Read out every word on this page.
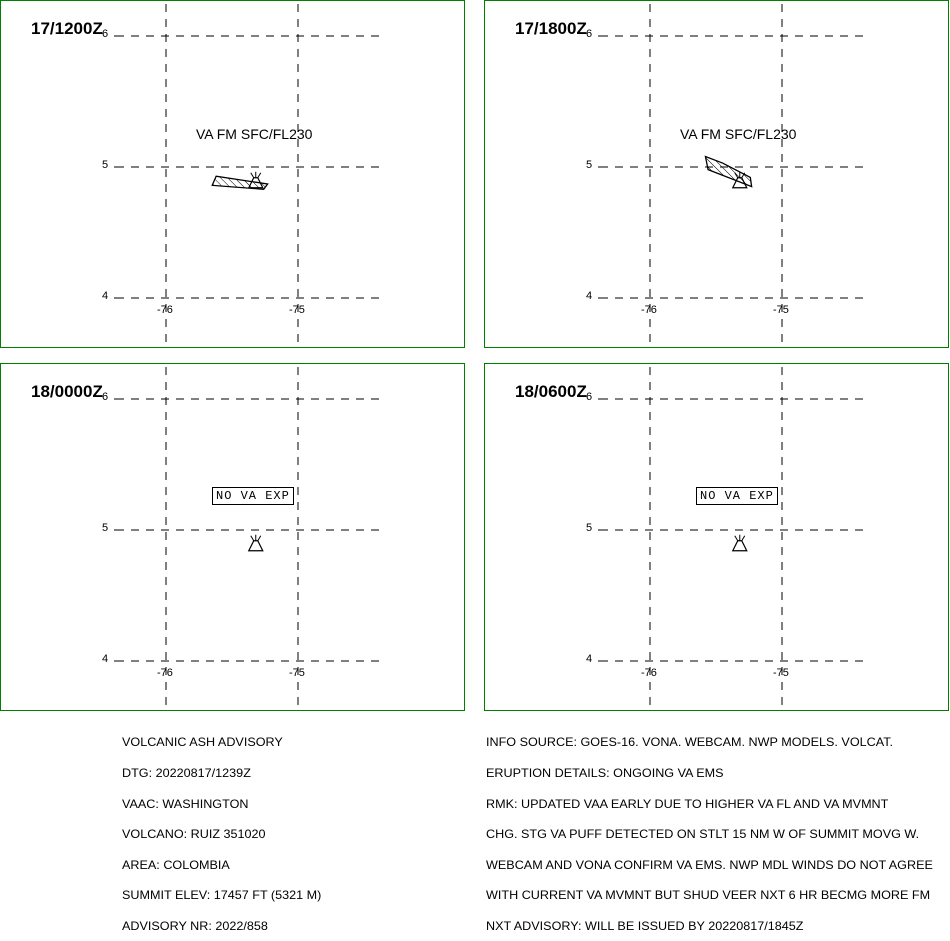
6
5
4
-76	-75
17/1200Z
VA FM SFC/FL230
6
5
4
-76	-75
17/1800Z
VA FM SFC/FL230
6
5
4
-76	-75
18/0000Z
NO VA EXP
6
5
4
-76	-75
18/0600Z
NO VA EXP

VOLCANIC ASH ADVISORY

DTG: 20220817/1239Z

VAAC: WASHINGTON

VOLCANO: RUIZ 351020

AREA: COLOMBIA

SUMMIT ELEV: 17457 FT (5321 M)

ADVISORY NR: 2022/858

INFO SOURCE: GOES-16. VONA. WEBCAM. NWP MODELS. VOLCAT.

ERUPTION DETAILS: ONGOING VA EMS

RMK: UPDATED VAA EARLY DUE TO HIGHER VA FL AND VA MVMNT

CHG. STG VA PUFF DETECTED ON STLT 15 NM W OF SUMMIT MOVG W.

WEBCAM AND VONA CONFIRM VA EMS. NWP MDL WINDS DO NOT AGREE

WITH CURRENT VA MVMNT BUT SHUD VEER NXT 6 HR BECMG MORE FM

NXT ADVISORY: WILL BE ISSUED BY 20220817/1845Z
